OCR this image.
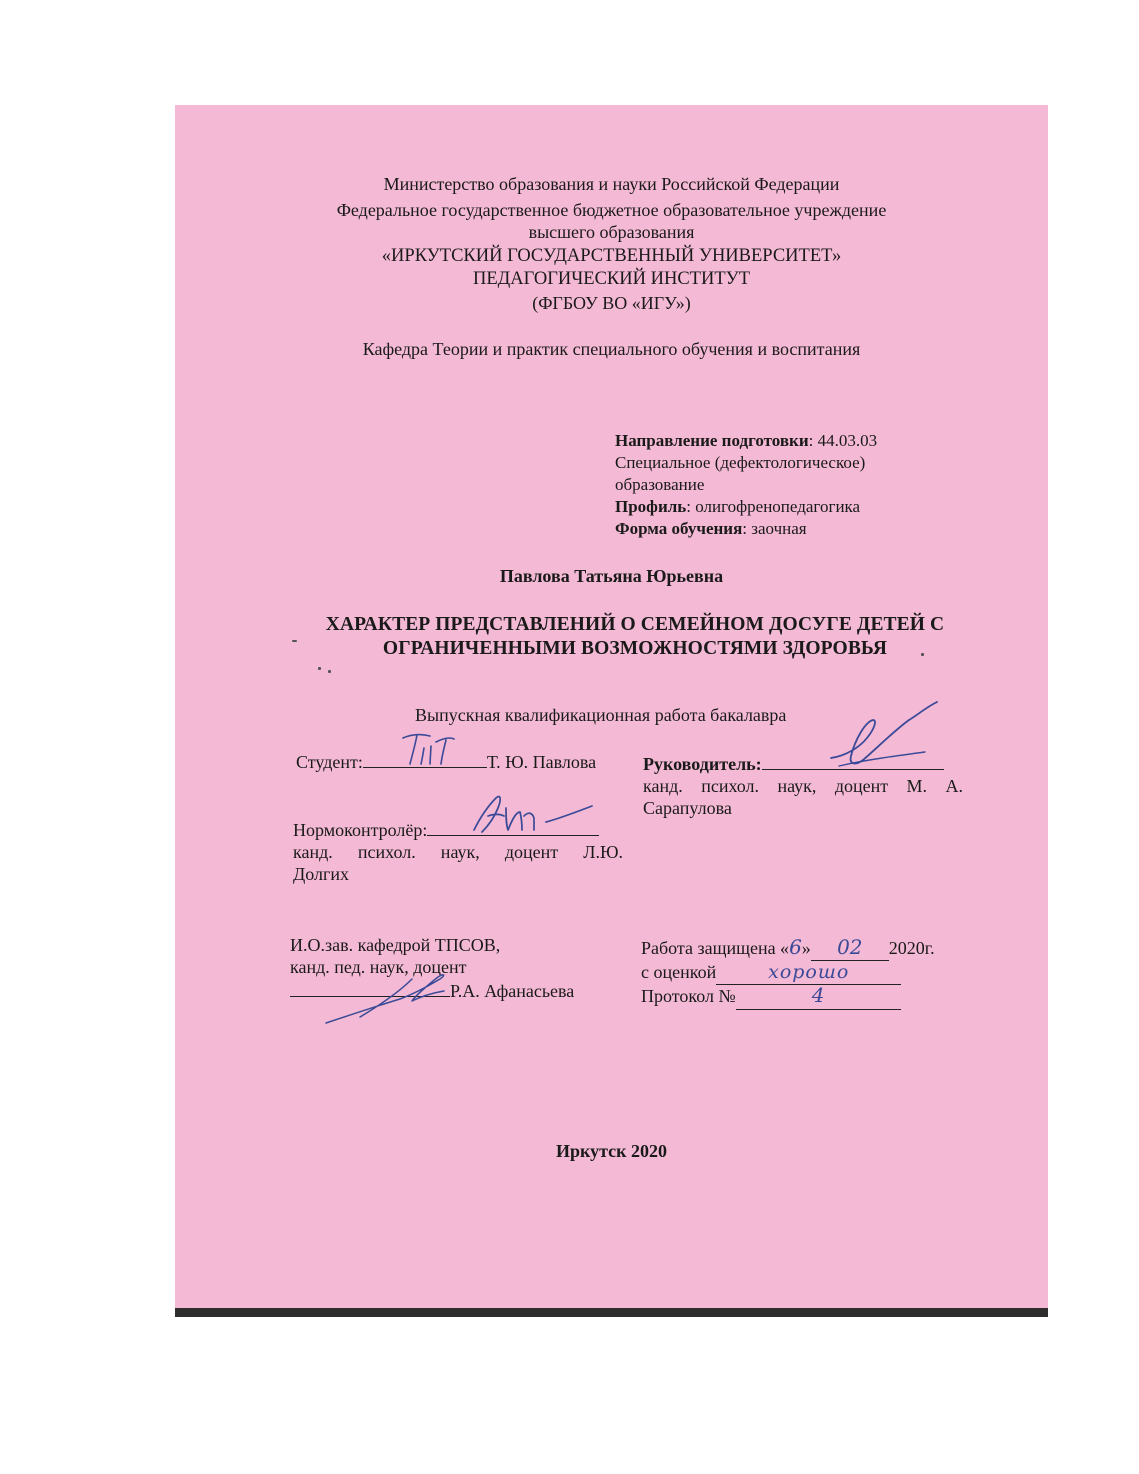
Министерство образования и науки Российской Федерации
Федеральное государственное бюджетное образовательное учреждение
высшего образования
«ИРКУТСКИЙ ГОСУДАРСТВЕННЫЙ УНИВЕРСИТЕТ»
ПЕДАГОГИЧЕСКИЙ ИНСТИТУТ
(ФГБОУ ВО «ИГУ»)
Кафедра Теории и практик специального обучения и воспитания
Направление подготовки: 44.03.03
Специальное (дефектологическое)
образование
Профиль: олигофренопедагогика
Форма обучения: заочная
Павлова Татьяна Юрьевна
ХАРАКТЕР ПРЕДСТАВЛЕНИЙ О СЕМЕЙНОМ ДОСУГЕ ДЕТЕЙ С
ОГРАНИЧЕННЫМИ ВОЗМОЖНОСТЯМИ ЗДОРОВЬЯ
Выпускная квалификационная работа бакалавра
Студент:	Т. Ю. Павлова	Руководитель:
канд. психол. наук, доцент М. А.
Сарапулова
Нормоконтролёр:
канд. психол. наук, доцент Л.Ю.
Долгих
И.О.зав. кафедрой ТПСОВ,
канд. пед. наук, доцент
Р.А. Афанасьева
Работа защищена «6» 02 2020г.
с оценкой	хорошо
Протокол №	4
Иркутск 2020
